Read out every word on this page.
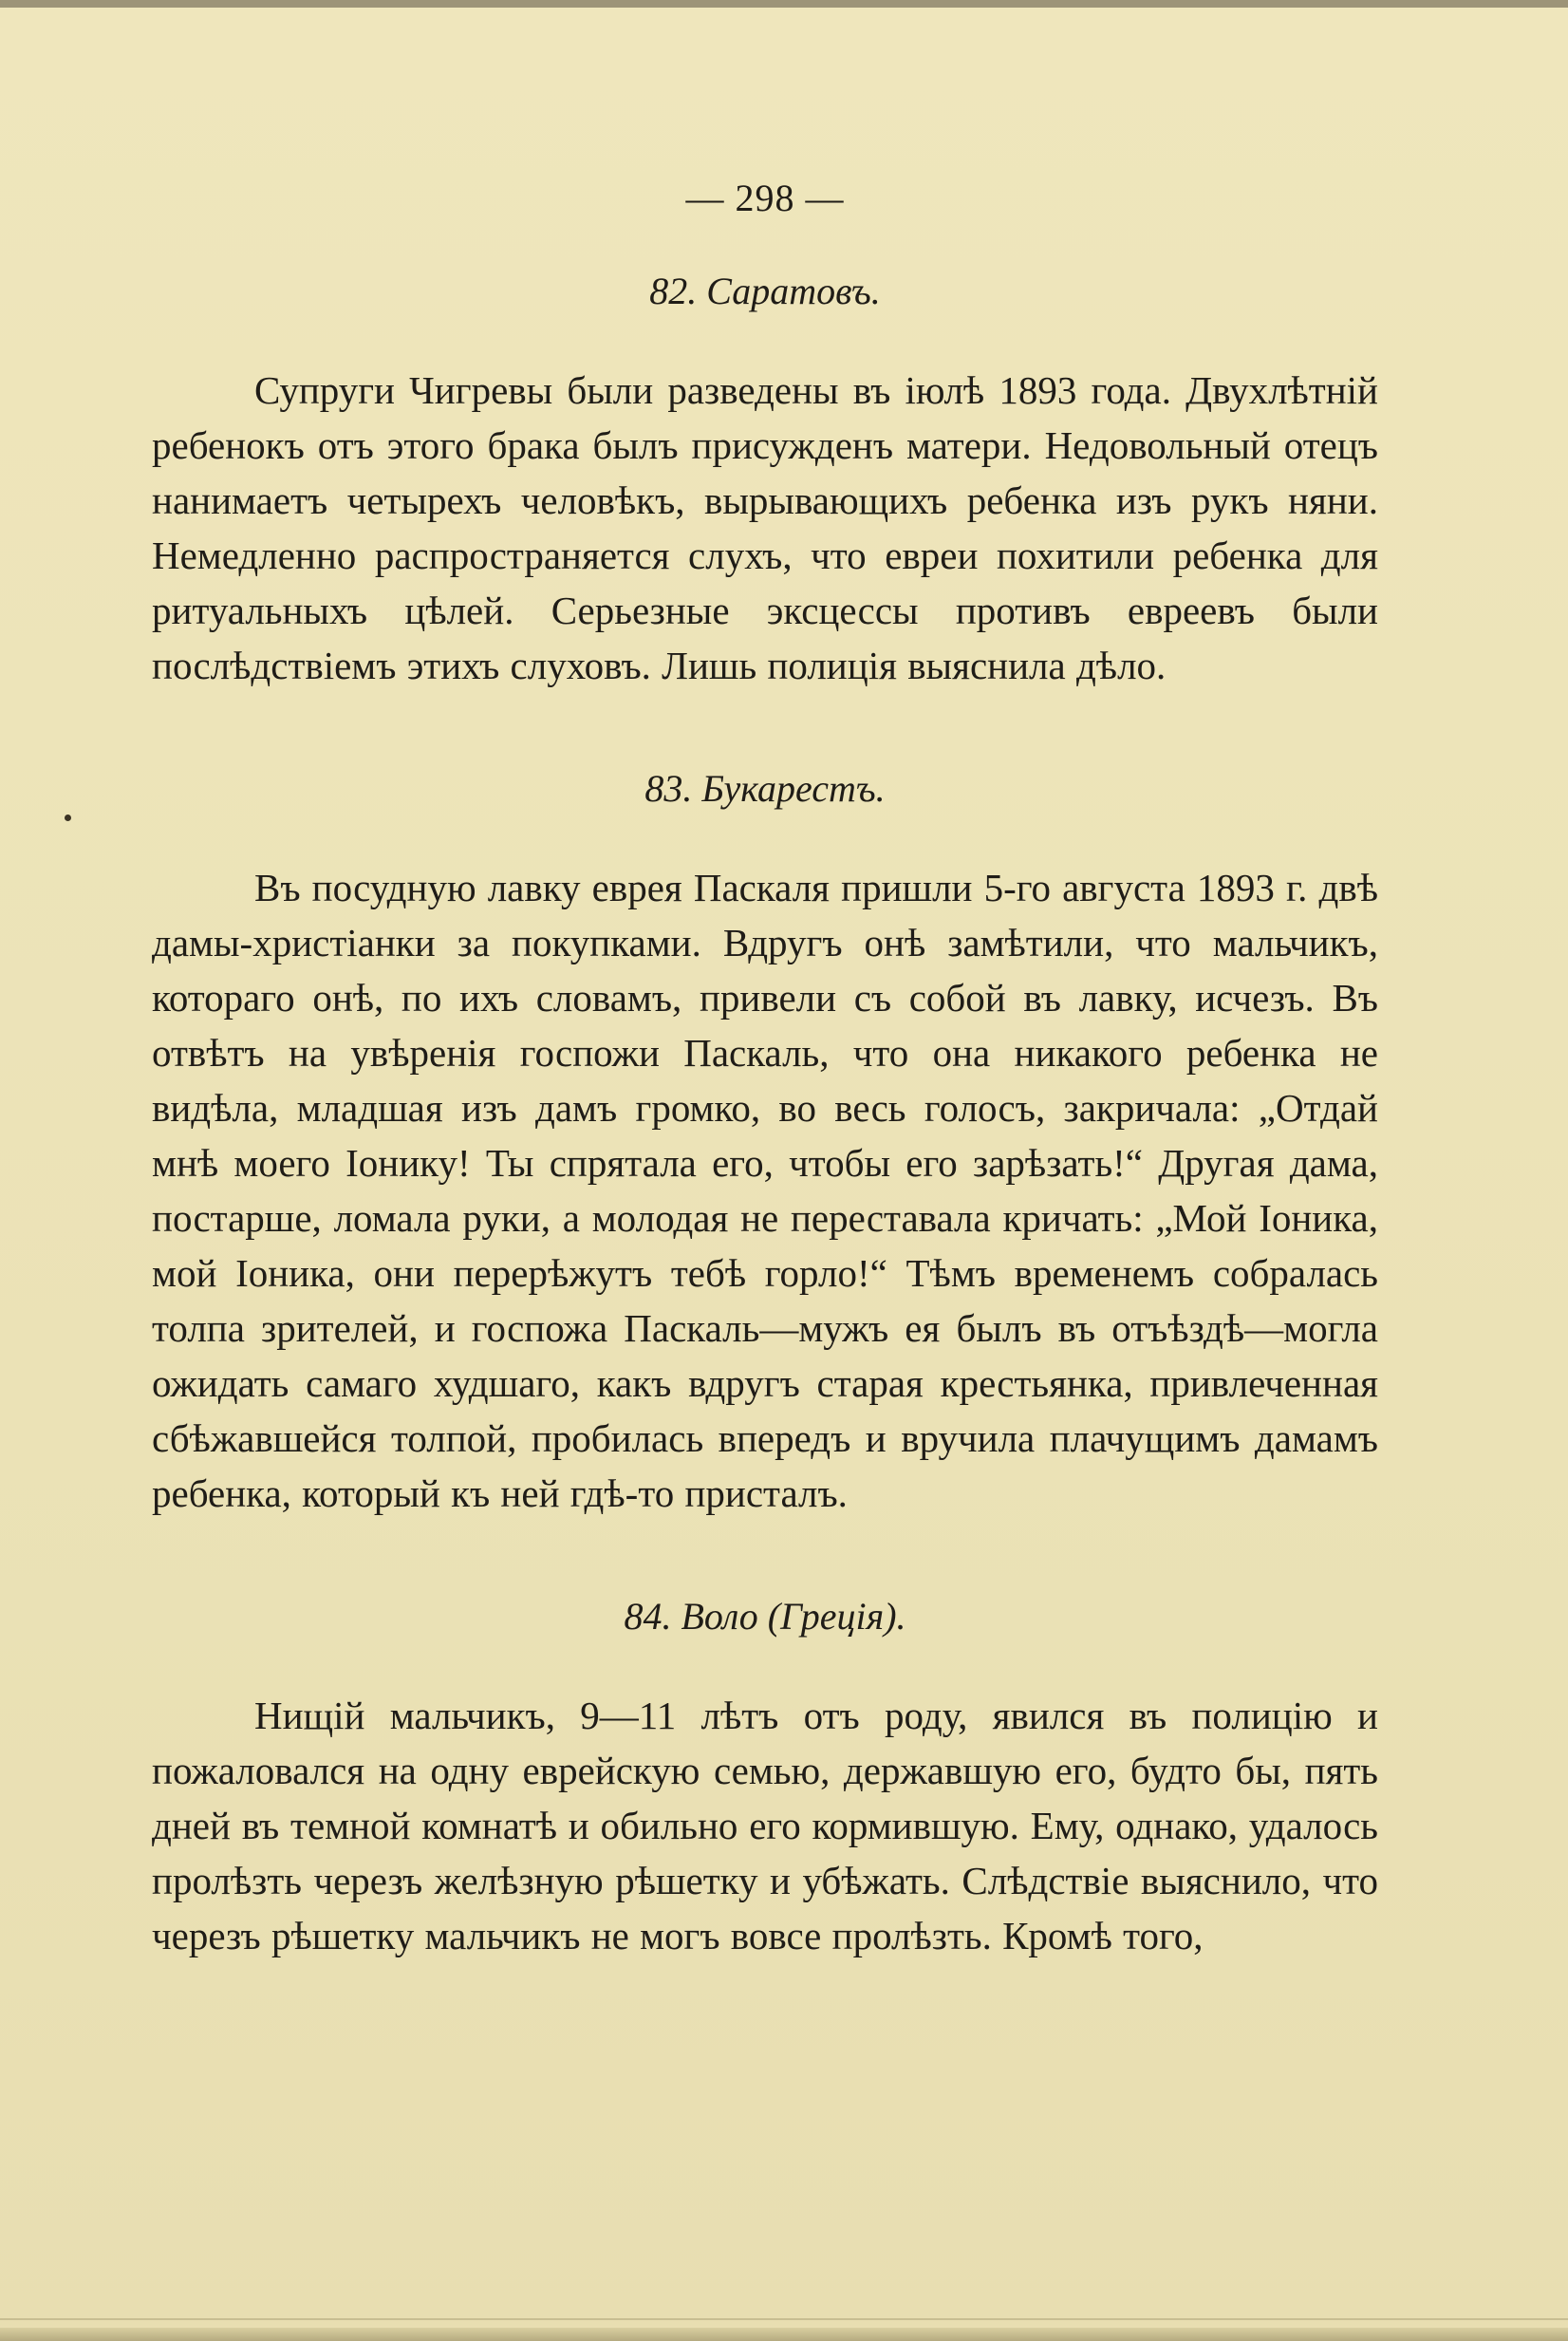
— 298 —
82. Саратовъ.

Супруги Чигревы были разведены въ іюлѣ 1893 года. Двухлѣтній ребенокъ отъ этого брака былъ присужденъ матери. Недовольный отецъ нанимаетъ четырехъ человѣкъ, вырывающихъ ребенка изъ рукъ няни. Немедленно распространяется слухъ, что евреи похитили ребенка для ритуальныхъ цѣлей. Серьезные эксцессы противъ евреевъ были послѣдствіемъ этихъ слуховъ. Лишь полиція выяснила дѣло.

83. Букарестъ.

Въ посудную лавку еврея Паскаля пришли 5-го августа 1893 г. двѣ дамы-христіанки за покупками. Вдругъ онѣ замѣтили, что мальчикъ, котораго онѣ, по ихъ словамъ, привели съ собой въ лавку, исчезъ. Въ отвѣтъ на увѣренія госпожи Паскаль, что она никакого ребенка не видѣла, младшая изъ дамъ громко, во весь голосъ, закричала: „Отдай мнѣ моего Іонику! Ты спрятала его, чтобы его зарѣзать!“ Другая дама, постарше, ломала руки, а молодая не переставала кричать: „Мой Іоника, мой Іоника, они перерѣжутъ тебѣ горло!“ Тѣмъ временемъ собралась толпа зрителей, и госпожа Паскаль—мужъ ея былъ въ отъѣздѣ—могла ожидать самаго худшаго, какъ вдругъ старая крестьянка, привлеченная сбѣжавшейся толпой, пробилась впередъ и вручила плачущимъ дамамъ ребенка, который къ ней гдѣ-то присталъ.

84. Воло (Греція).

Нищій мальчикъ, 9—11 лѣтъ отъ роду, явился въ полицію и пожаловался на одну еврейскую семью, державшую его, будто бы, пять дней въ темной комнатѣ и обильно его кормившую. Ему, однако, удалось пролѣзть черезъ желѣзную рѣшетку и убѣжать. Слѣдствіе выяснило, что черезъ рѣшетку мальчикъ не могъ вовсе пролѣзть. Кромѣ того,
